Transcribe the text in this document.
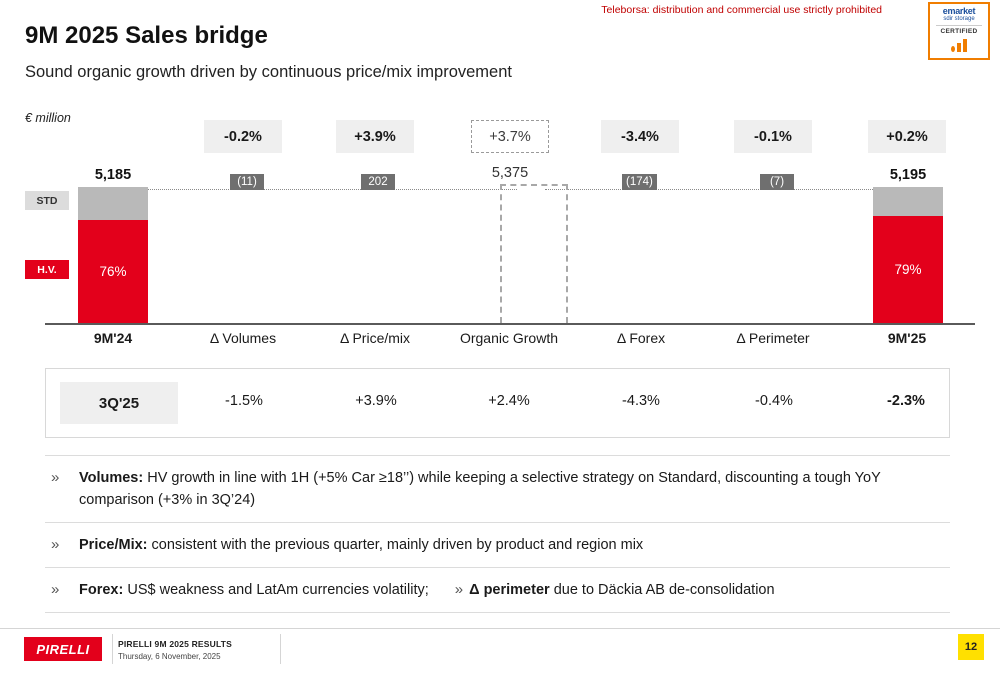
Teleborsa: distribution and commercial use strictly prohibited	emarket
sdir storage
CERTIFIED
9M 2025 Sales bridge
Sound organic growth driven by continuous price/mix improvement
€ million
-0.2%	+3.9%	+3.7%	-3.4%	-0.1%	+0.2%
5,185	5,375	5,195
(11)	202	(174)	(7)
STD
H.V.	76%	79%
9M'24	Δ Volumes	Δ Price/mix	Organic Growth	Δ Forex	Δ Perimeter	9M'25
3Q'25	-1.5%	+3.9%	+2.4%	-4.3%	-0.4%	-2.3%
» Volumes: HV growth in line with 1H (+5% Car ≥18’’) while keeping a selective strategy on Standard, discounting a tough YoY comparison (+3% in 3Q’24)
» Price/Mix: consistent with the previous quarter, mainly driven by product and region mix
» Forex: US$ weakness and LatAm currencies volatility; » Δ perimeter due to Däckia AB de-consolidation
PIRELLI	PIRELLI 9M 2025 RESULTS
Thursday, 6 November, 2025
12
